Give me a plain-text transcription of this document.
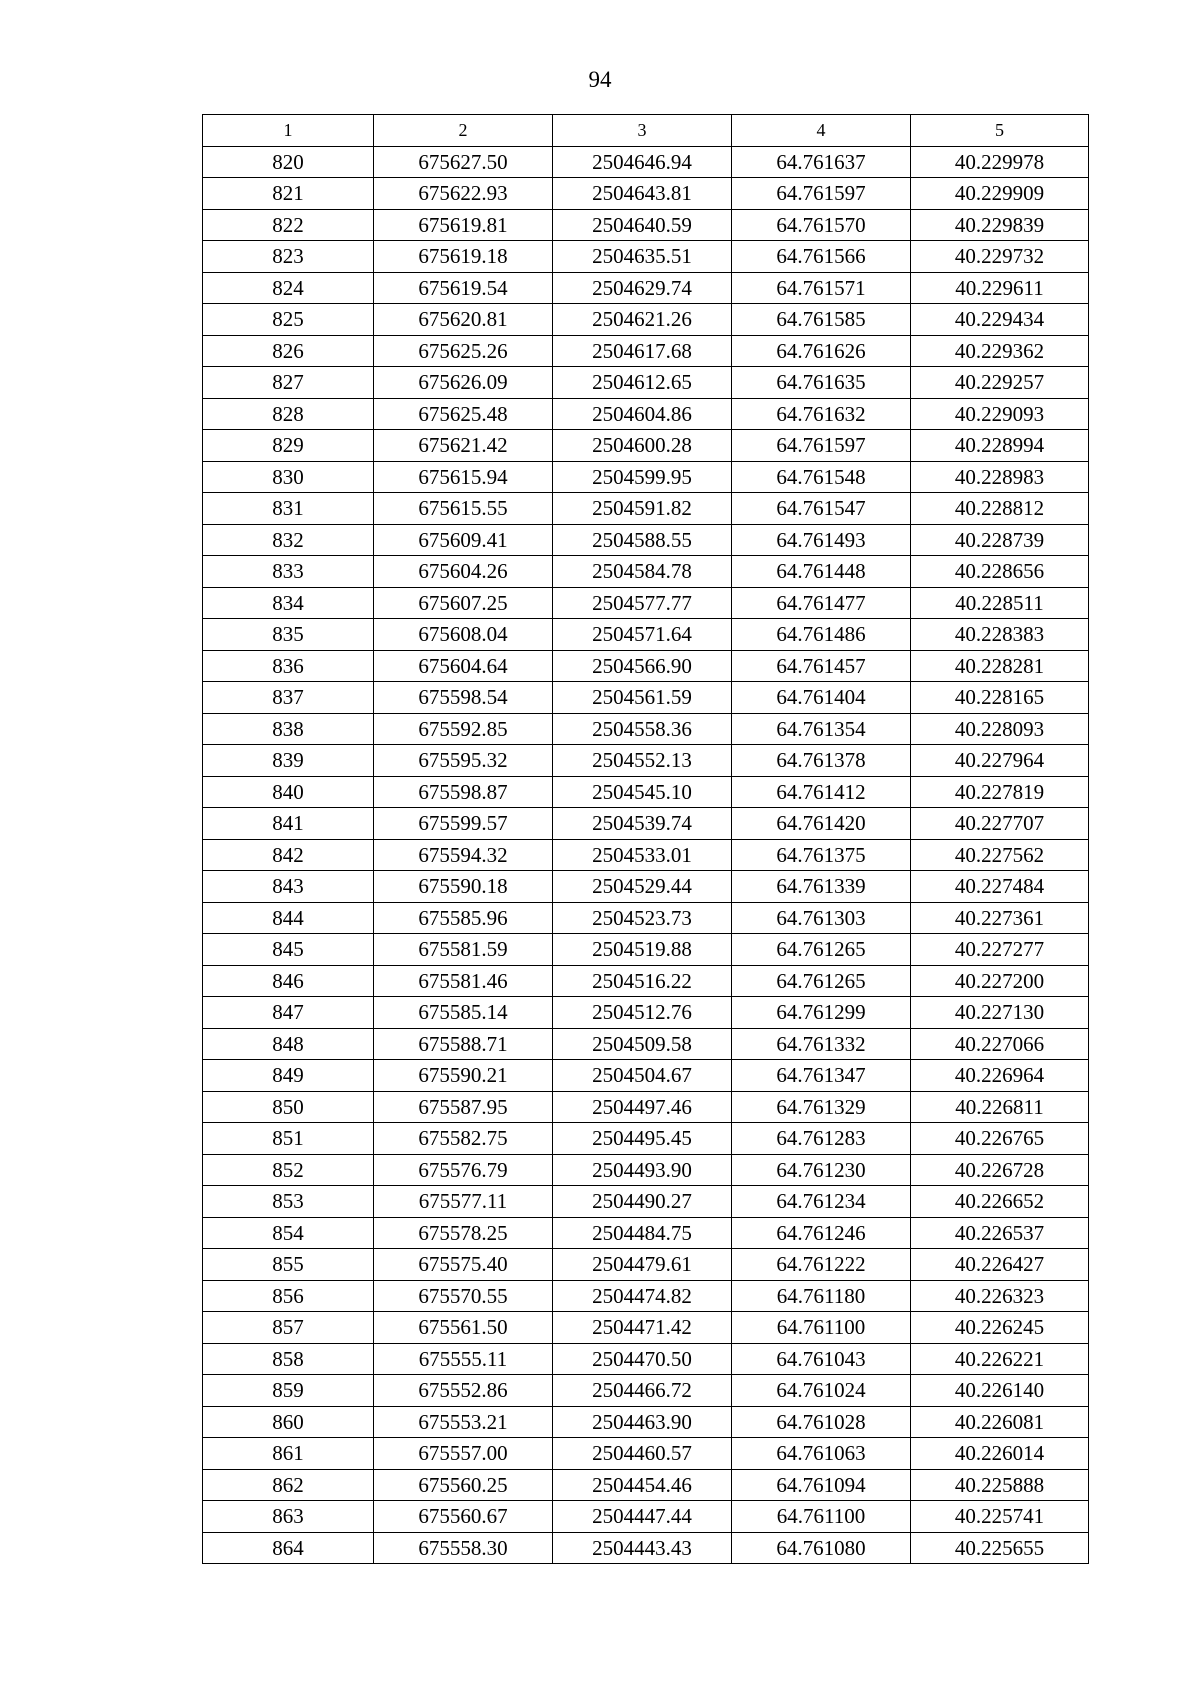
94
1	2	3	4	5
820	675627.50	2504646.94	64.761637	40.229978
821	675622.93	2504643.81	64.761597	40.229909
822	675619.81	2504640.59	64.761570	40.229839
823	675619.18	2504635.51	64.761566	40.229732
824	675619.54	2504629.74	64.761571	40.229611
825	675620.81	2504621.26	64.761585	40.229434
826	675625.26	2504617.68	64.761626	40.229362
827	675626.09	2504612.65	64.761635	40.229257
828	675625.48	2504604.86	64.761632	40.229093
829	675621.42	2504600.28	64.761597	40.228994
830	675615.94	2504599.95	64.761548	40.228983
831	675615.55	2504591.82	64.761547	40.228812
832	675609.41	2504588.55	64.761493	40.228739
833	675604.26	2504584.78	64.761448	40.228656
834	675607.25	2504577.77	64.761477	40.228511
835	675608.04	2504571.64	64.761486	40.228383
836	675604.64	2504566.90	64.761457	40.228281
837	675598.54	2504561.59	64.761404	40.228165
838	675592.85	2504558.36	64.761354	40.228093
839	675595.32	2504552.13	64.761378	40.227964
840	675598.87	2504545.10	64.761412	40.227819
841	675599.57	2504539.74	64.761420	40.227707
842	675594.32	2504533.01	64.761375	40.227562
843	675590.18	2504529.44	64.761339	40.227484
844	675585.96	2504523.73	64.761303	40.227361
845	675581.59	2504519.88	64.761265	40.227277
846	675581.46	2504516.22	64.761265	40.227200
847	675585.14	2504512.76	64.761299	40.227130
848	675588.71	2504509.58	64.761332	40.227066
849	675590.21	2504504.67	64.761347	40.226964
850	675587.95	2504497.46	64.761329	40.226811
851	675582.75	2504495.45	64.761283	40.226765
852	675576.79	2504493.90	64.761230	40.226728
853	675577.11	2504490.27	64.761234	40.226652
854	675578.25	2504484.75	64.761246	40.226537
855	675575.40	2504479.61	64.761222	40.226427
856	675570.55	2504474.82	64.761180	40.226323
857	675561.50	2504471.42	64.761100	40.226245
858	675555.11	2504470.50	64.761043	40.226221
859	675552.86	2504466.72	64.761024	40.226140
860	675553.21	2504463.90	64.761028	40.226081
861	675557.00	2504460.57	64.761063	40.226014
862	675560.25	2504454.46	64.761094	40.225888
863	675560.67	2504447.44	64.761100	40.225741
864	675558.30	2504443.43	64.761080	40.225655
